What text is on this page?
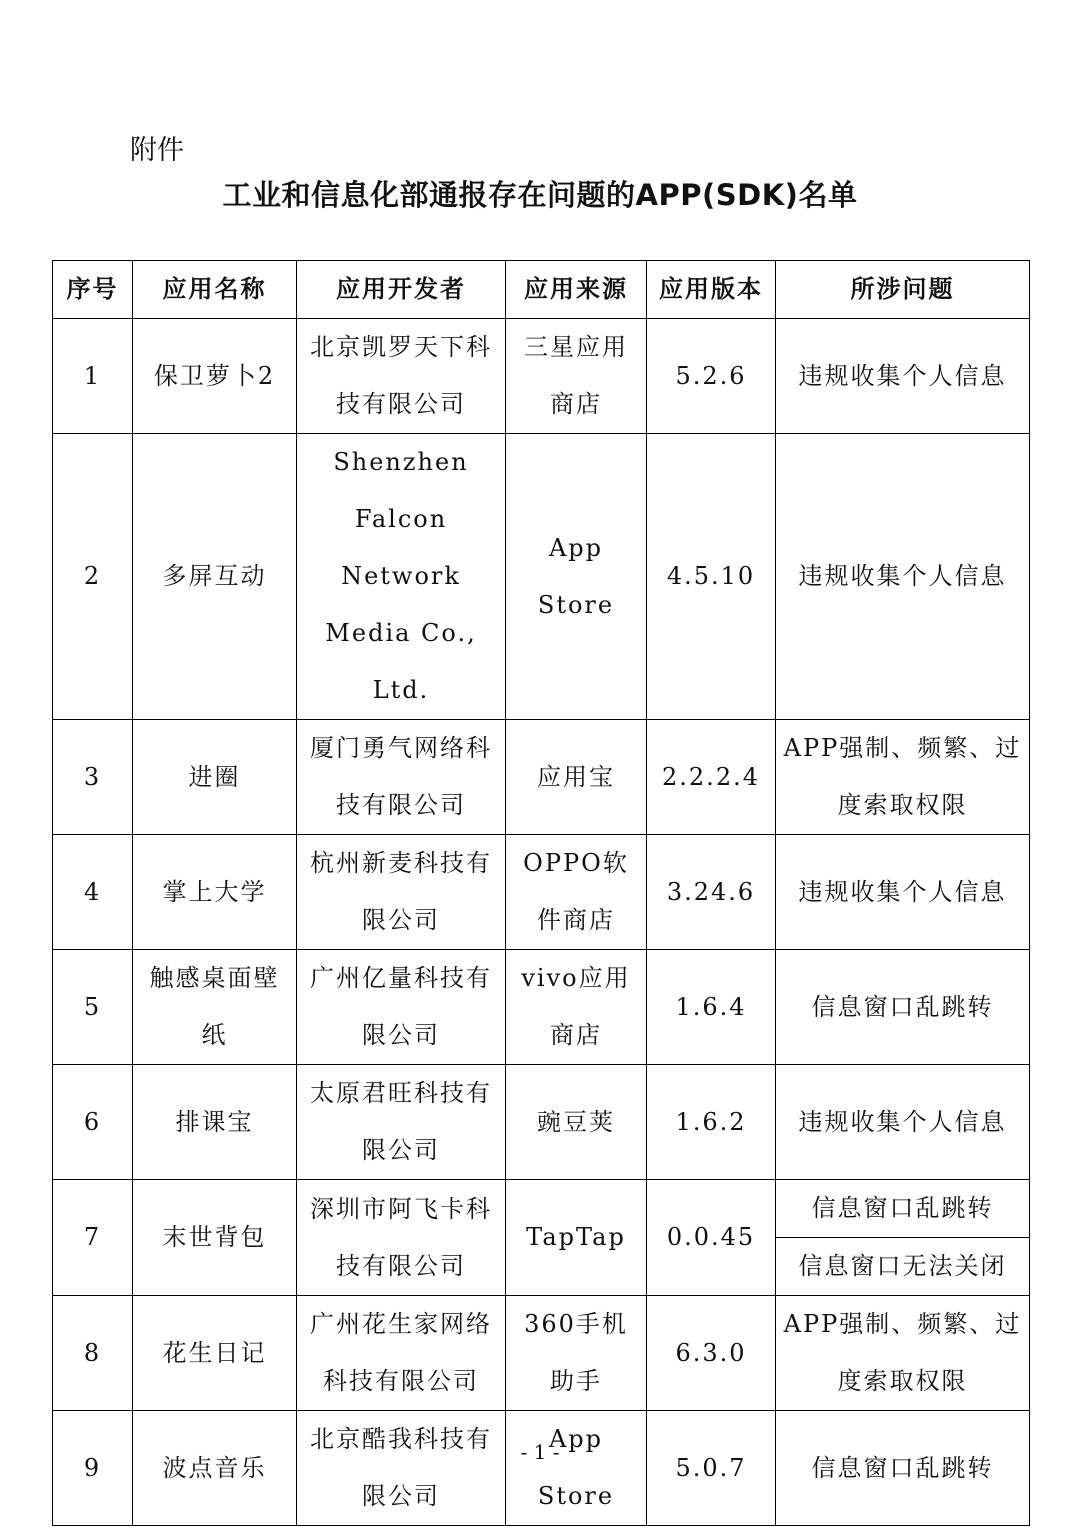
附件
工业和信息化部通报存在问题的APP(SDK)名单
序号	应用名称	应用开发者	应用来源	应用版本	所涉问题
1	保卫萝卜2	北京凯罗天下科技有限公司	三星应用商店	5.2.6	违规收集个人信息
2	多屏互动	Shenzhen Falcon Network Media Co., Ltd.	App Store	4.5.10	违规收集个人信息
3	进圈	厦门勇气网络科技有限公司	应用宝	2.2.2.4	APP强制、频繁、过度索取权限
4	掌上大学	杭州新麦科技有限公司	OPPO软件商店	3.24.6	违规收集个人信息
5	触感桌面壁纸	广州亿量科技有限公司	vivo应用商店	1.6.4	信息窗口乱跳转
6	排课宝	太原君旺科技有限公司	豌豆荚	1.6.2	违规收集个人信息
7	末世背包	深圳市阿飞卡科技有限公司	TapTap	0.0.45	信息窗口乱跳转
					信息窗口无法关闭
8	花生日记	广州花生家网络科技有限公司	360手机助手	6.3.0	APP强制、频繁、过度索取权限
9	波点音乐	北京酷我科技有限公司	App Store	5.0.7	信息窗口乱跳转
- 1 -
